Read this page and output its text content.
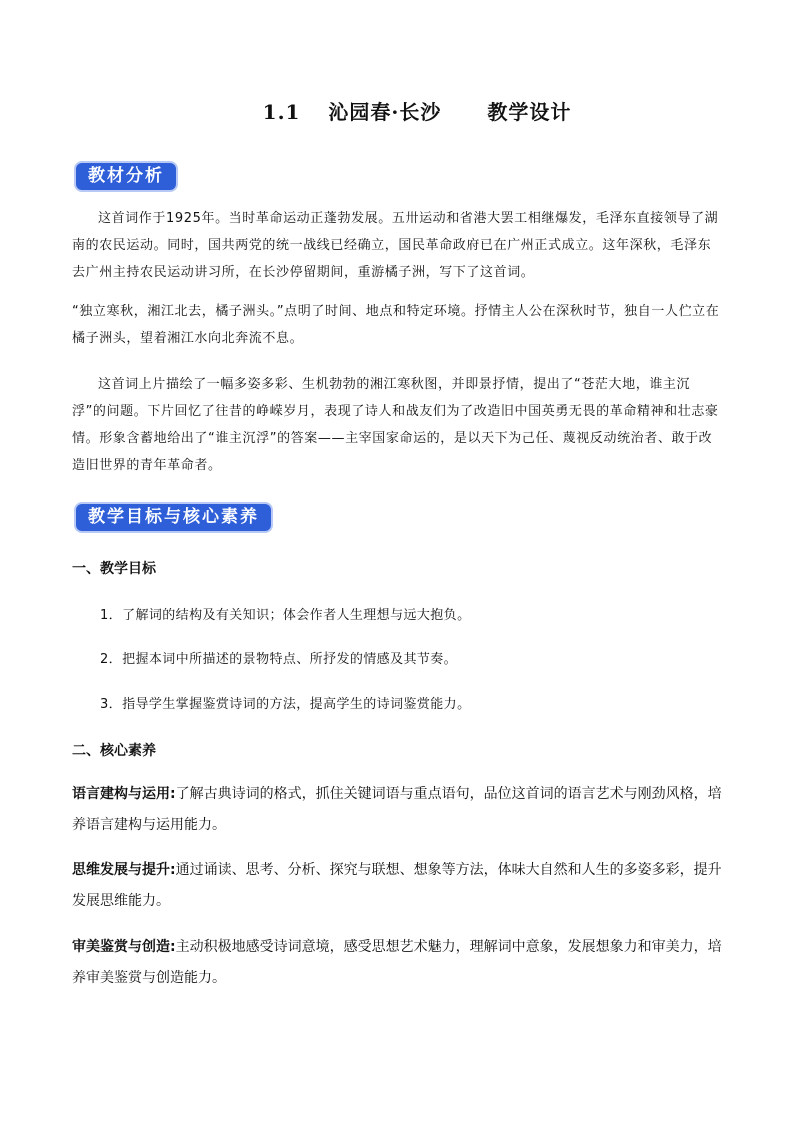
1.1 沁园春·长沙 教学设计
教材分析

这首词作于1925年。当时革命运动正蓬勃发展。五卅运动和省港大罢工相继爆发，毛泽东直接领导了湖南的农民运动。同时，国共两党的统一战线已经确立，国民革命政府已在广州正式成立。这年深秋，毛泽东去广州主持农民运动讲习所，在长沙停留期间，重游橘子洲，写下了这首词。

“独立寒秋，湘江北去，橘子洲头。”点明了时间、地点和特定环境。抒情主人公在深秋时节，独自一人伫立在橘子洲头，望着湘江水向北奔流不息。

这首词上片描绘了一幅多姿多彩、生机勃勃的湘江寒秋图，并即景抒情，提出了“苍茫大地，谁主沉浮”的问题。下片回忆了往昔的峥嵘岁月，表现了诗人和战友们为了改造旧中国英勇无畏的革命精神和壮志豪情。形象含蓄地给出了“谁主沉浮”的答案——主宰国家命运的，是以天下为己任、蔑视反动统治者、敢于改造旧世界的青年革命者。

教学目标与核心素养
一、教学目标
1．了解词的结构及有关知识；体会作者人生理想与远大抱负。
2．把握本词中所描述的景物特点、所抒发的情感及其节奏。
3．指导学生掌握鉴赏诗词的方法，提高学生的诗词鉴赏能力。
二、核心素养

语言建构与运用:了解古典诗词的格式，抓住关键词语与重点语句，品位这首词的语言艺术与刚劲风格，培养语言建构与运用能力。

思维发展与提升:通过诵读、思考、分析、探究与联想、想象等方法，体味大自然和人生的多姿多彩，提升发展思维能力。

审美鉴赏与创造:主动积极地感受诗词意境，感受思想艺术魅力，理解词中意象，发展想象力和审美力，培 养审美鉴赏与创造能力。
